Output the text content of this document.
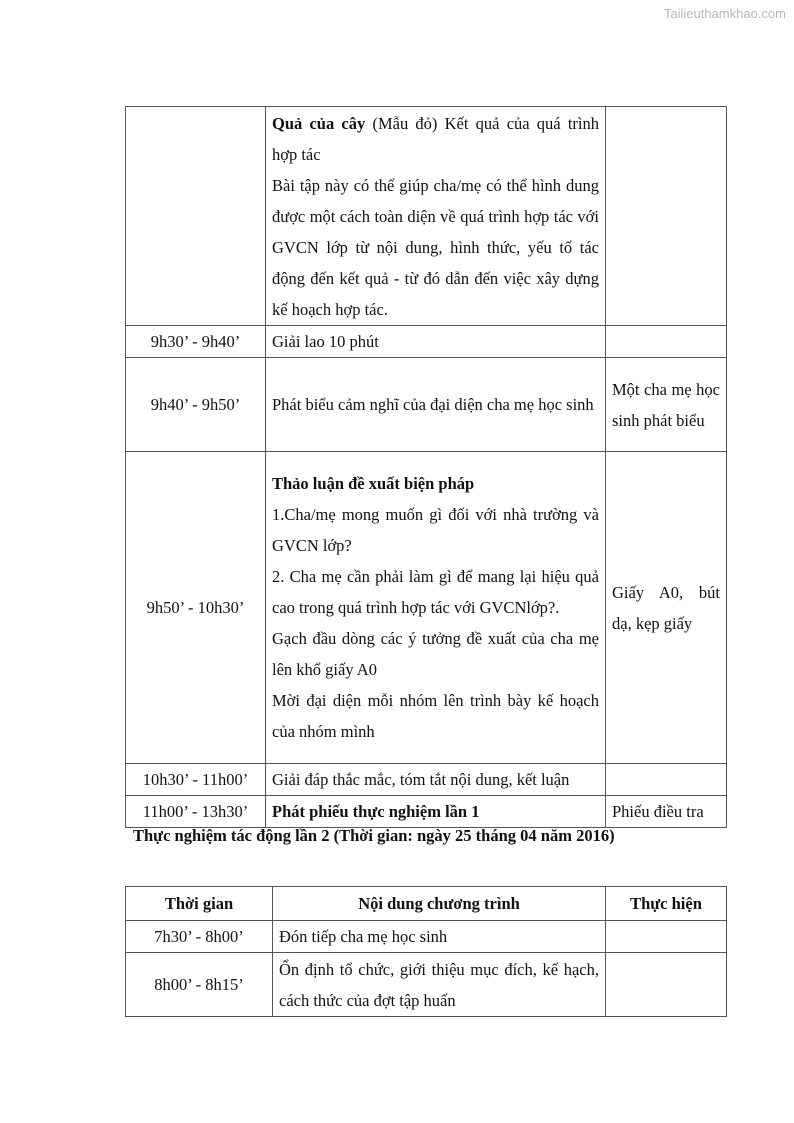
Tailieuthamkhao.com

	Quả của cây (Mẫu đỏ) Kết quả của quá trình hợp tác
Bài tập này có thể giúp cha/mẹ có thể hình dung được một cách toàn diện về quá trình hợp tác với GVCN lớp từ nội dung, hình thức, yếu tố tác động đến kết quả - từ đó dẫn đến việc xây dựng kế hoạch hợp tác.	

9h30’ - 9h40’	Giải lao 10 phút	
9h40’ - 9h50’	Phát biểu cảm nghĩ của đại diện cha mẹ học sinh	Một cha mẹ học sinh phát biểu

9h50’ - 10h30’	Thảo luận đề xuất biện pháp
1.Cha/mẹ mong muốn gì đối với nhà trường và GVCN lớp?
2. Cha mẹ cần phải làm gì để mang lại hiệu quả cao trong quá trình hợp tác với GVCNlớp?.
Gạch đầu dòng các ý tưởng đề xuất của cha mẹ lên khổ giấy A0
Mời đại diện mỗi nhóm lên trình bày kế hoạch của nhóm mình	Giấy A0, bút dạ, kẹp giấy

10h30’ - 11h00’	Giải đáp thắc mắc, tóm tắt nội dung, kết luận	
11h00’ - 13h30’	Phát phiếu thực nghiệm lần 1	Phiếu điều tra
Thực nghiệm tác động lần 2 (Thời gian: ngày 25 tháng 04 năm 2016)
Thời gian	Nội dung chương trình	Thực hiện
7h30’ - 8h00’	Đón tiếp cha mẹ học sinh	
8h00’ - 8h15’	Ổn định tổ chức, giới thiệu mục đích, kế hạch, cách thức của đợt tập huấn	
